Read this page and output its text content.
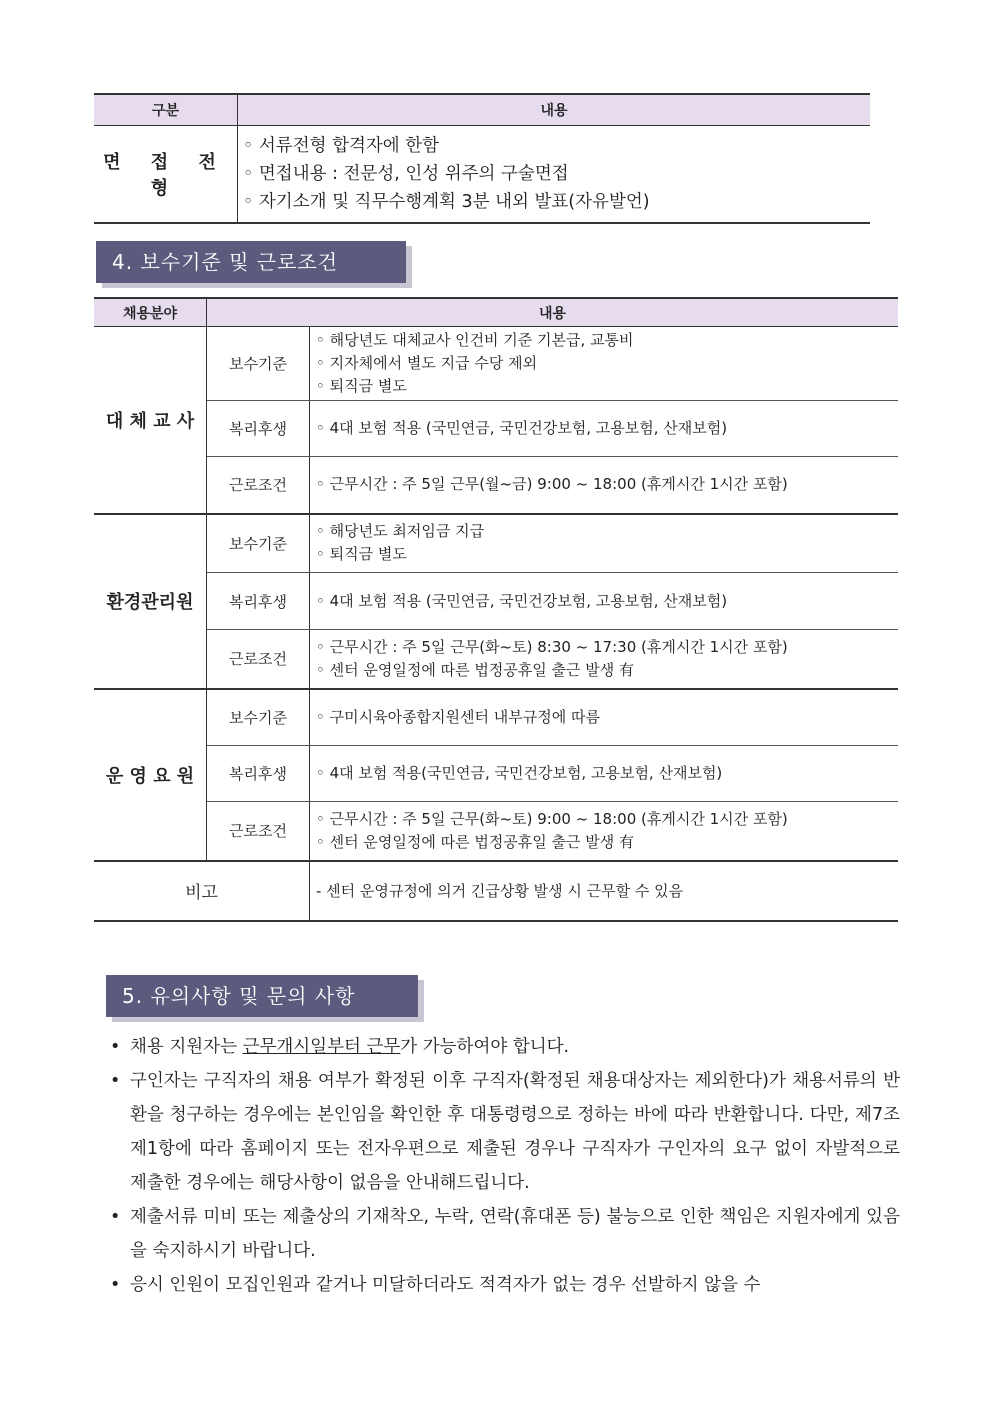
구분	내용
면 접 전 형	◦ 서류전형 합격자에 한함
◦ 면접내용 : 전문성, 인성 위주의 구술면접
◦ 자기소개 및 직무수행계획 3분 내외 발표(자유발언)
4. 보수기준 및 근로조건
채용분야	내용	
대 체 교 사	보수기준	◦ 해당년도 대체교사 인건비 기준 기본급, 교통비
◦ 지자체에서 별도 지급 수당 제외
◦ 퇴직금 별도

	복리후생	◦ 4대 보험 적용 (국민연금, 국민건강보험, 고용보험, 산재보험)

	근로조건	◦ 근무시간 : 주 5일 근무(월~금) 9:00 ~ 18:00 (휴게시간 1시간 포함)

환경관리원	보수기준	◦ 해당년도 최저임금 지급
◦ 퇴직금 별도

	복리후생	◦ 4대 보험 적용 (국민연금, 국민건강보험, 고용보험, 산재보험)

	근로조건	◦ 근무시간 : 주 5일 근무(화~토) 8:30 ~ 17:30 (휴게시간 1시간 포함)
◦ 센터 운영일정에 따른 법정공휴일 출근 발생 有

운 영 요 원	보수기준	◦ 구미시육아종합지원센터 내부규정에 따름

	복리후생	◦ 4대 보험 적용(국민연금, 국민건강보험, 고용보험, 산재보험)

	근로조건	◦ 근무시간 : 주 5일 근무(화~토) 9:00 ~ 18:00 (휴게시간 1시간 포함)
◦ 센터 운영일정에 따른 법정공휴일 출근 발생 有

비고		- 센터 운영규정에 의거 긴급상황 발생 시 근무할 수 있음
5. 유의사항 및 문의 사항
• 채용 지원자는 근무개시일부터 근무가 가능하여야 합니다.
• 구인자는 구직자의 채용 여부가 확정된 이후 구직자(확정된 채용대상자는 제외한다)가 채용서류의 반환을 청구하는 경우에는 본인임을 확인한 후 대통령령으로 정하는 바에 따라 반환합니다. 다만, 제7조 제1항에 따라 홈페이지 또는 전자우편으로 제출된 경우나 구직자가 구인자의 요구 없이 자발적으로 제출한 경우에는 해당사항이 없음을 안내해드립니다.
• 제출서류 미비 또는 제출상의 기재착오, 누락, 연락(휴대폰 등) 불능으로 인한 책임은 지원자에게 있음을 숙지하시기 바랍니다.
• 응시 인원이 모집인원과 같거나 미달하더라도 적격자가 없는 경우 선발하지 않을 수
